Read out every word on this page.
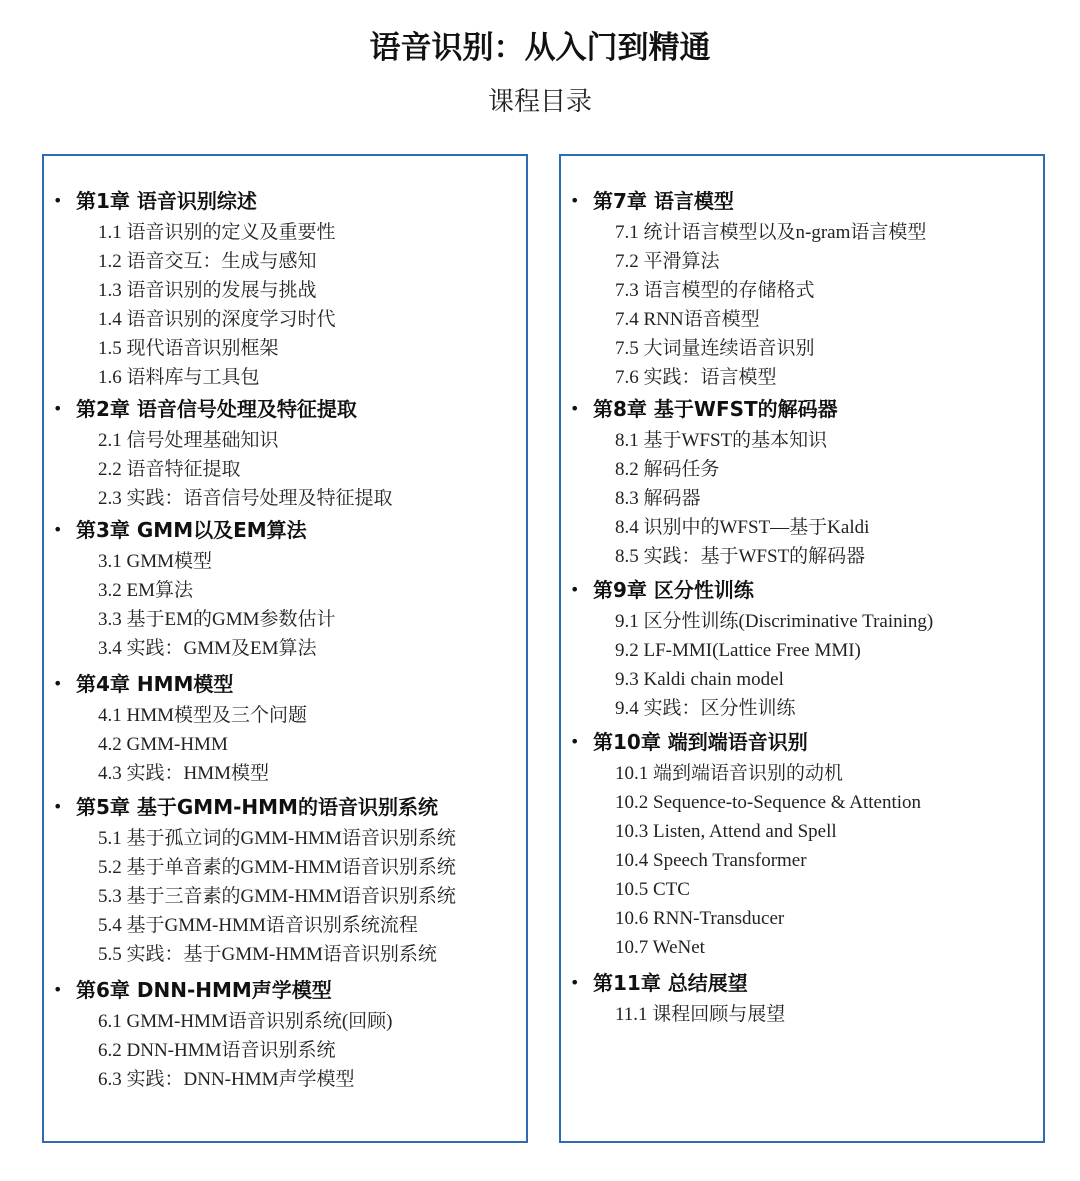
语音识别：从入门到精通
课程目录
• 第1章 语音识别综述
1.1 语音识别的定义及重要性
1.2 语音交互：生成与感知
1.3 语音识别的发展与挑战
1.4 语音识别的深度学习时代
1.5 现代语音识别框架
1.6 语料库与工具包
• 第2章 语音信号处理及特征提取
2.1 信号处理基础知识
2.2 语音特征提取
2.3 实践：语音信号处理及特征提取
• 第3章 GMM以及EM算法
3.1 GMM模型
3.2 EM算法
3.3 基于EM的GMM参数估计
3.4 实践：GMM及EM算法
• 第4章 HMM模型
4.1 HMM模型及三个问题
4.2 GMM-HMM
4.3 实践：HMM模型
• 第5章 基于GMM-HMM的语音识别系统
5.1 基于孤立词的GMM-HMM语音识别系统
5.2 基于单音素的GMM-HMM语音识别系统
5.3 基于三音素的GMM-HMM语音识别系统
5.4 基于GMM-HMM语音识别系统流程
5.5 实践：基于GMM-HMM语音识别系统
• 第6章 DNN-HMM声学模型
6.1 GMM-HMM语音识别系统(回顾)
6.2 DNN-HMM语音识别系统
6.3 实践：DNN-HMM声学模型
• 第7章 语言模型
7.1 统计语言模型以及n-gram语言模型
7.2 平滑算法
7.3 语言模型的存储格式
7.4 RNN语音模型
7.5 大词量连续语音识别
7.6 实践：语言模型
• 第8章 基于WFST的解码器
8.1 基于WFST的基本知识
8.2 解码任务
8.3 解码器
8.4 识别中的WFST—基于Kaldi
8.5 实践：基于WFST的解码器
• 第9章 区分性训练
9.1 区分性训练(Discriminative Training)
9.2 LF-MMI(Lattice Free MMI)
9.3 Kaldi chain model
9.4 实践：区分性训练
• 第10章 端到端语音识别
10.1 端到端语音识别的动机
10.2 Sequence-to-Sequence & Attention
10.3 Listen, Attend and Spell
10.4 Speech Transformer
10.5 CTC
10.6 RNN-Transducer
10.7 WeNet
• 第11章 总结展望
11.1 课程回顾与展望
